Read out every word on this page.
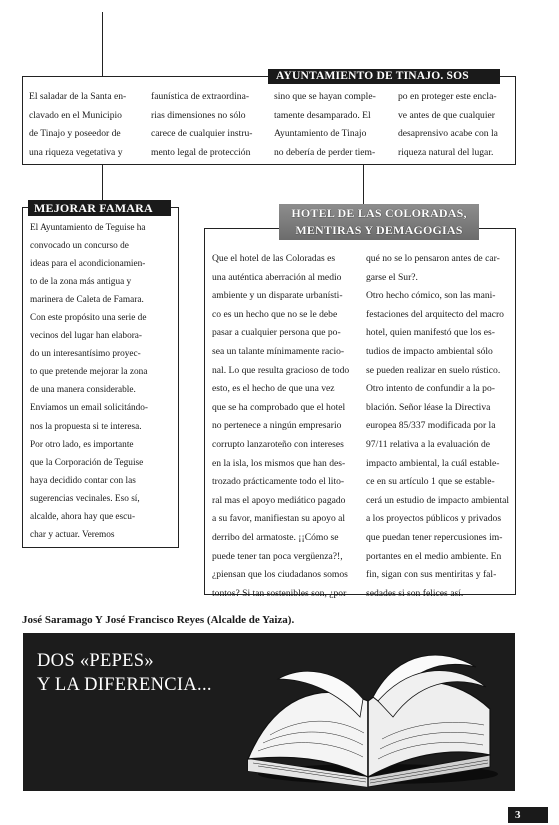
El saladar de la Santa en-
clavado en el Municipio
de Tinajo y poseedor de
una riqueza vegetativa y
faunística de extraordina-
rias dimensiones no sólo
carece de cualquier instru-
mento legal de protección
sino que se hayan comple-
tamente desamparado. El
Ayuntamiento de Tinajo
no debería de perder tiem-
po en proteger este encla-
ve antes de que cualquier
desaprensivo acabe con la
riqueza natural del lugar.
AYUNTAMIENTO DE TINAJO. SOS
El Ayuntamiento de Teguise ha
convocado un concurso de
ideas para el acondicionamien-
to de la zona más antigua y
marinera de Caleta de Famara.
Con este propósito una serie de
vecinos del lugar han elabora-
do un interesantísimo proyec-
to que pretende mejorar la zona
de una manera considerable.
Enviamos un email solicitándo-
nos la propuesta si te interesa.
Por otro lado, es importante
que la Corporación de Teguise
haya decidido contar con las
sugerencias vecinales. Eso sí,
alcalde, ahora hay que escu-
char y actuar. Veremos
MEJORAR FAMARA
Que el hotel de las Coloradas es
una auténtica aberración al medio
ambiente y un disparate urbanísti-
co es un hecho que no se le debe
pasar a cualquier persona que po-
sea un talante mínimamente racio-
nal. Lo que resulta gracioso de todo
esto, es el hecho de que una vez
que se ha comprobado que el hotel
no pertenece a ningún empresario
corrupto lanzaroteño con intereses
en la isla, los mismos que han des-
trozado prácticamente todo el lito-
ral mas el apoyo mediático pagado
a su favor, manifiestan su apoyo al
derribo del armatoste. ¡¡Cómo se
puede tener tan poca vergüenza?!,
¿piensan que los ciudadanos somos
tontos? Si tan sostenibles son, ¿por
qué no se lo pensaron antes de car-
garse el Sur?.
Otro hecho cómico, son las mani-
festaciones del arquitecto del macro
hotel, quien manifestó que los es-
tudios de impacto ambiental sólo
se pueden realizar en suelo rústico.
Otro intento de confundir a la po-
blación. Señor léase la Directiva
europea 85/337 modificada por la
97/11 relativa a la evaluación de
impacto ambiental, la cuál estable-
ce en su artículo 1 que se estable-
cerá un estudio de impacto ambiental
a los proyectos públicos y privados
que puedan tener repercusiones im-
portantes en el medio ambiente. En
fin, sigan con sus mentiritas y fal-
sedades si son felices así.
HOTEL DE LAS COLORADAS,
MENTIRAS Y DEMAGOGIAS
José Saramago Y José Francisco Reyes (Alcalde de Yaiza).
DOS «PEPES»
Y LA DIFERENCIA...
3
